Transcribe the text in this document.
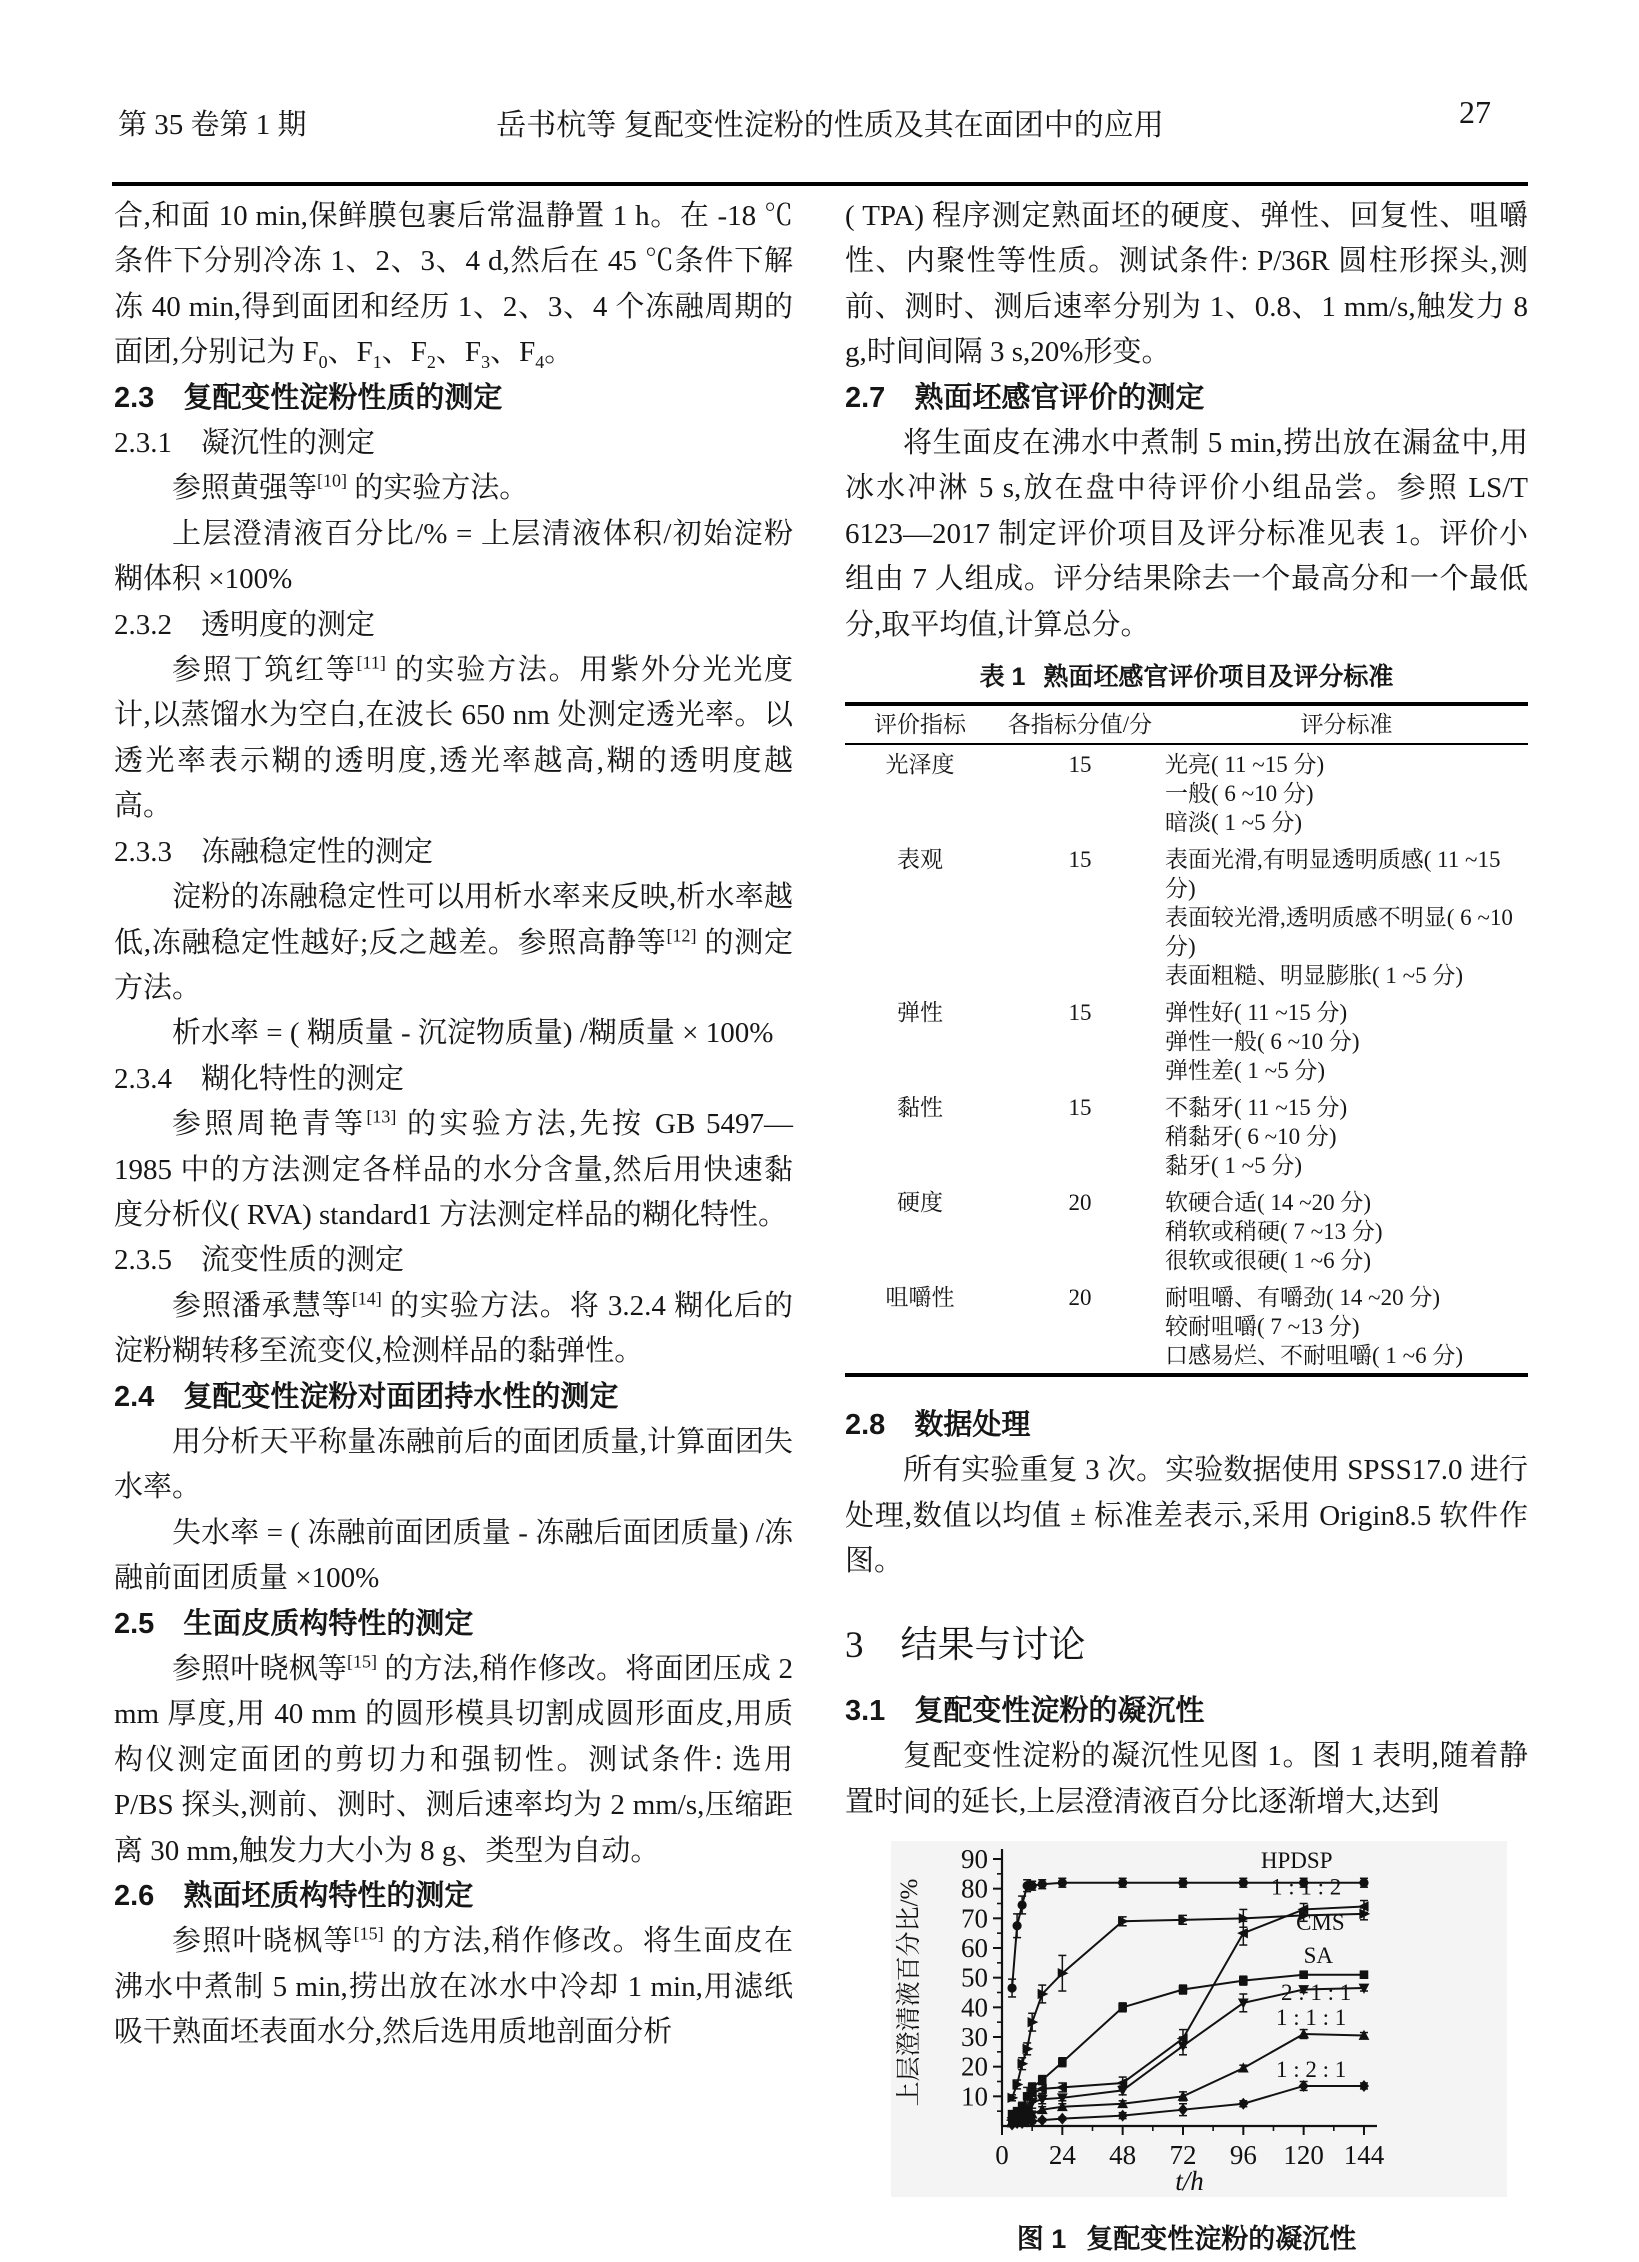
第 35 卷第 1 期	岳书杭等 复配变性淀粉的性质及其在面团中的应用	27

合,和面 10 min,保鲜膜包裹后常温静置 1 h。在 -18 ℃条件下分别冷冻 1、2、3、4 d,然后在 45 ℃条件下解冻 40 min,得到面团和经历 1、2、3、4 个冻融周期的面团,分别记为 $F_0$、$F_1$、$F_2$、$F_3$、$F_4$。

2.3 复配变性淀粉性质的测定
2.3.1 凝沉性的测定

参照黄强等[10] 的实验方法。

上层澄清液百分比/% = 上层清液体积/初始淀粉糊体积 ×100%

2.3.2 透明度的测定

参照丁筑红等[11] 的实验方法。用紫外分光光度计,以蒸馏水为空白,在波长 650 nm 处测定透光率。以透光率表示糊的透明度,透光率越高,糊的透明度越高。

2.3.3 冻融稳定性的测定

淀粉的冻融稳定性可以用析水率来反映,析水率越低,冻融稳定性越好;反之越差。参照高静等[12] 的测定方法。

析水率 = ( 糊质量 - 沉淀物质量) /糊质量 × 100%

2.3.4 糊化特性的测定

参照周艳青等[13] 的实验方法,先按 GB 5497—1985 中的方法测定各样品的水分含量,然后用快速黏度分析仪( RVA) standard1 方法测定样品的糊化特性。

2.3.5 流变性质的测定

参照潘承慧等[14] 的实验方法。将 3.2.4 糊化后的淀粉糊转移至流变仪,检测样品的黏弹性。

2.4 复配变性淀粉对面团持水性的测定

用分析天平称量冻融前后的面团质量,计算面团失水率。

失水率 = ( 冻融前面团质量 - 冻融后面团质量) /冻融前面团质量 ×100%

2.5 生面皮质构特性的测定

参照叶晓枫等[15] 的方法,稍作修改。将面团压成 2 mm 厚度,用 40 mm 的圆形模具切割成圆形面皮,用质构仪测定面团的剪切力和强韧性。测试条件: 选用 P/BS 探头,测前、测时、测后速率均为 2 mm/s,压缩距离 30 mm,触发力大小为 8 g、类型为自动。

2.6 熟面坯质构特性的测定

参照叶晓枫等[15] 的方法,稍作修改。将生面皮在沸水中煮制 5 min,捞出放在冰水中冷却 1 min,用滤纸吸干熟面坯表面水分,然后选用质地剖面分析

( TPA) 程序测定熟面坯的硬度、弹性、回复性、咀嚼性、内聚性等性质。测试条件: P/36R 圆柱形探头,测前、测时、测后速率分别为 1、0.8、1 mm/s,触发力 8 g,时间间隔 3 s,20%形变。

2.7 熟面坯感官评价的测定

将生面皮在沸水中煮制 5 min,捞出放在漏盆中,用冰水冲淋 5 s,放在盘中待评价小组品尝。参照 LS/T 6123—2017 制定评价项目及评分标准见表 1。评价小组由 7 人组成。评分结果除去一个最高分和一个最低分,取平均值,计算总分。

表 1 熟面坯感官评价项目及评分标准
评价指标	各指标分值/分	评分标准
光泽度	15	光亮( 11 ~15 分)
一般( 6 ~10 分)
暗淡( 1 ~5 分)
表观	15	表面光滑,有明显透明质感( 11 ~15 分)
表面较光滑,透明质感不明显( 6 ~10 分)
表面粗糙、明显膨胀( 1 ~5 分)
弹性	15	弹性好( 11 ~15 分)
弹性一般( 6 ~10 分)
弹性差( 1 ~5 分)
黏性	15	不黏牙( 11 ~15 分)
稍黏牙( 6 ~10 分)
黏牙( 1 ~5 分)
硬度	20	软硬合适( 14 ~20 分)
稍软或稍硬( 7 ~13 分)
很软或很硬( 1 ~6 分)
咀嚼性	20	耐咀嚼、有嚼劲( 14 ~20 分)
较耐咀嚼( 7 ~13 分)
口感易烂、不耐咀嚼( 1 ~6 分)
2.8 数据处理

所有实验重复 3 次。实验数据使用 SPSS17.0 进行处理,数值以均值 ± 标准差表示,采用 Origin8.5 软件作图。

3 结果与讨论
3.1 复配变性淀粉的凝沉性

复配变性淀粉的凝沉性见图 1。图 1 表明,随着静置时间的延长,上层澄清液百分比逐渐增大,达到

0 24 48 72 96 120 144
10
20
30
40
50
60
70
80
90
上层澄清液百分比/%
t/h
HPDSP
1 : 1 : 2
CMS
SA
2 : 1 : 1
1 : 1 : 1
1 : 2 : 1
图 1 复配变性淀粉的凝沉性
